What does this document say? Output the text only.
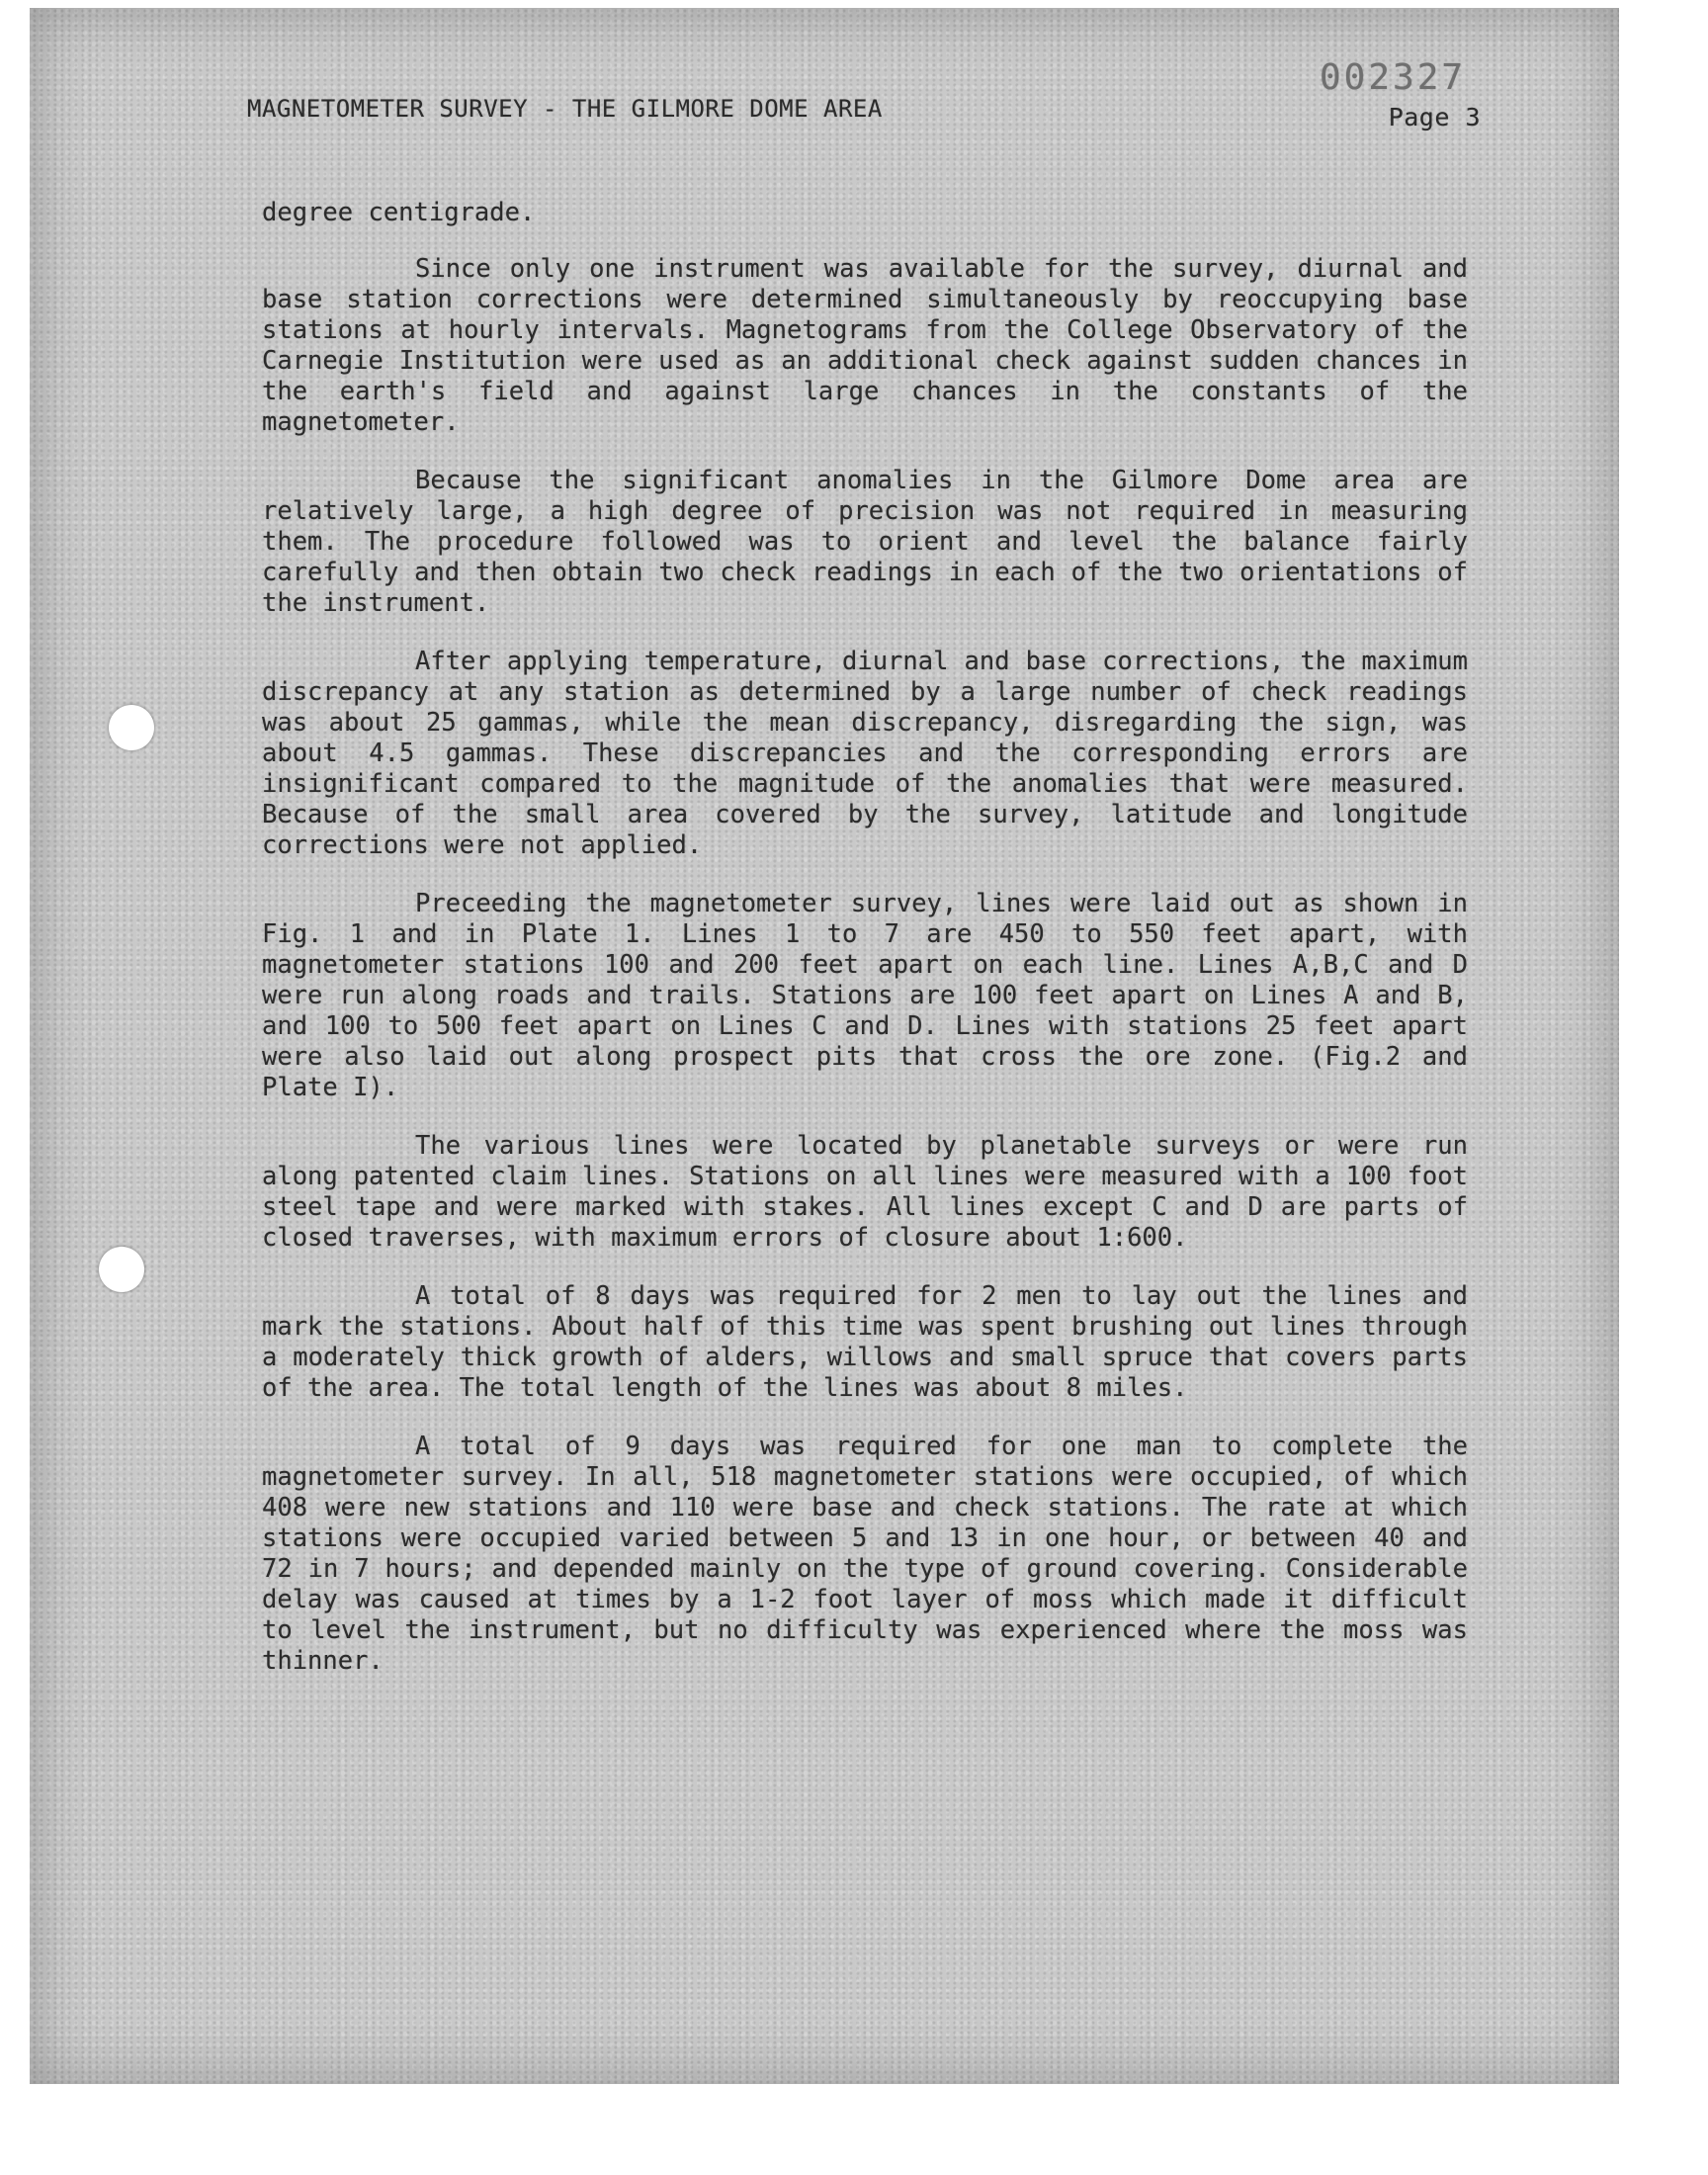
002327
MAGNETOMETER SURVEY - THE GILMORE DOME AREA	Page 3

degree centigrade.

Since only one instrument was available for the survey, diurnal and base station corrections were determined simultaneously by reoccupying base stations at hourly intervals. Magnetograms from the College Observatory of the Carnegie Institution were used as an additional check against sudden chances in the earth's field and against large chances in the constants of the magnetometer.

Because the significant anomalies in the Gilmore Dome area are relatively large, a high degree of precision was not required in measuring them. The procedure followed was to orient and level the balance fairly carefully and then obtain two check readings in each of the two orientations of the instrument.

After applying temperature, diurnal and base corrections, the maximum discrepancy at any station as determined by a large number of check readings was about 25 gammas, while the mean discrepancy, disregarding the sign, was about 4.5 gammas. These discrepancies and the corresponding errors are insignificant compared to the magnitude of the anomalies that were measured. Because of the small area covered by the survey, latitude and longitude corrections were not applied.

Preceeding the magnetometer survey, lines were laid out as shown in Fig. 1 and in Plate 1. Lines 1 to 7 are 450 to 550 feet apart, with magnetometer stations 100 and 200 feet apart on each line. Lines A,B,C and D were run along roads and trails. Stations are 100 feet apart on Lines A and B, and 100 to 500 feet apart on Lines C and D. Lines with stations 25 feet apart were also laid out along prospect pits that cross the ore zone. (Fig.2 and Plate I).

The various lines were located by planetable surveys or were run along patented claim lines. Stations on all lines were measured with a 100 foot steel tape and were marked with stakes. All lines except C and D are parts of closed traverses, with maximum errors of closure about 1:600.

A total of 8 days was required for 2 men to lay out the lines and mark the stations. About half of this time was spent brushing out lines through a moderately thick growth of alders, willows and small spruce that covers parts of the area. The total length of the lines was about 8 miles.

A total of 9 days was required for one man to complete the magnetometer survey. In all, 518 magnetometer stations were occupied, of which 408 were new stations and 110 were base and check stations. The rate at which stations were occupied varied between 5 and 13 in one hour, or between 40 and 72 in 7 hours; and depended mainly on the type of ground covering. Considerable delay was caused at times by a 1-2 foot layer of moss which made it difficult to level the instrument, but no difficulty was experienced where the moss was thinner.
